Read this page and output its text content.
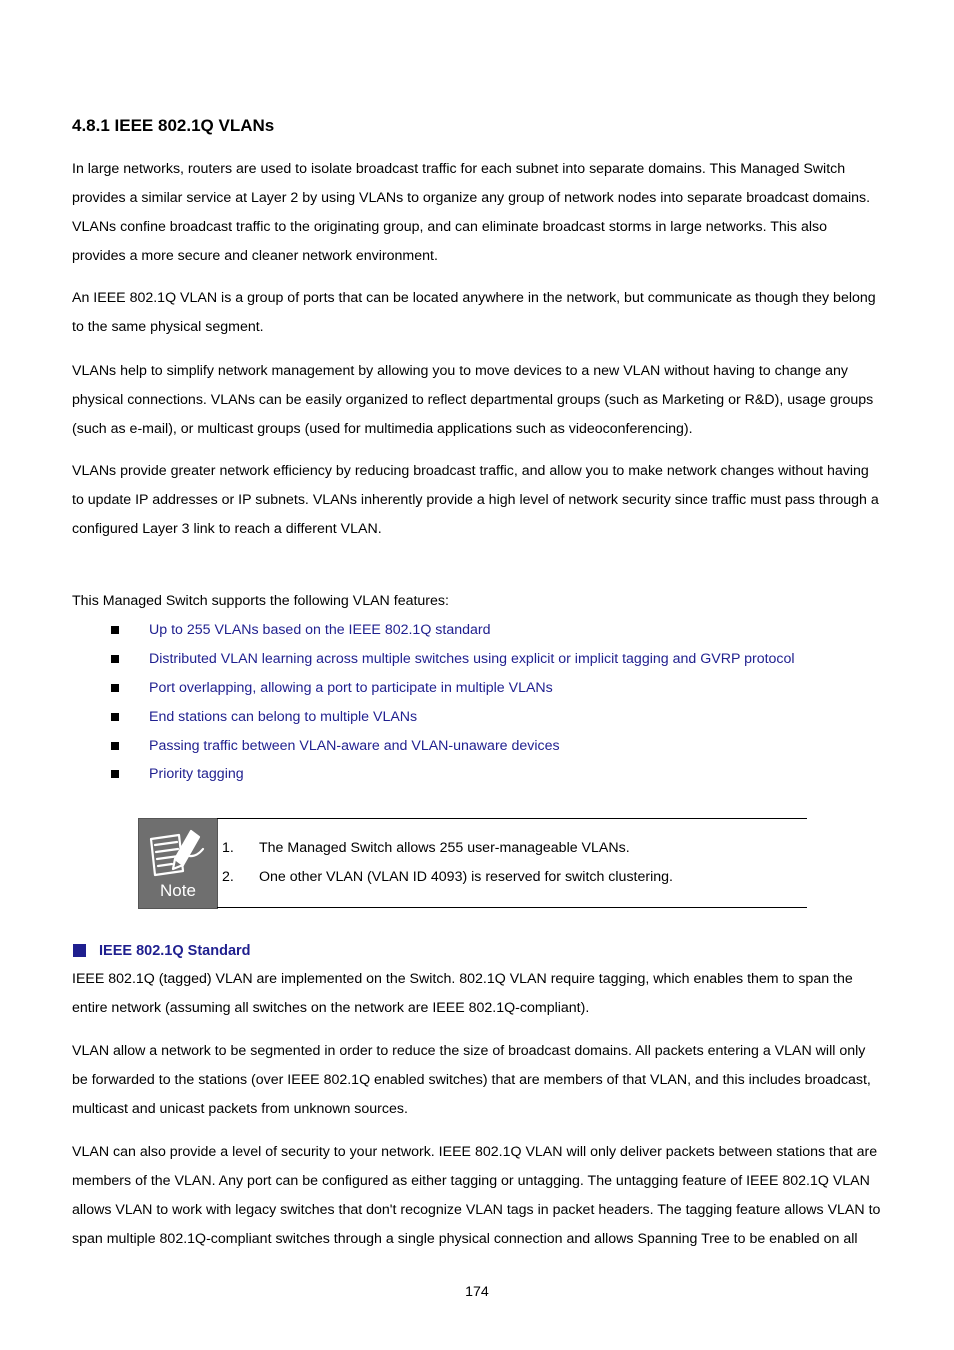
4.8.1 IEEE 802.1Q VLANs

In large networks, routers are used to isolate broadcast traffic for each subnet into separate domains. This Managed Switch provides a similar service at Layer 2 by using VLANs to organize any group of network nodes into separate broadcast domains. VLANs confine broadcast traffic to the originating group, and can eliminate broadcast storms in large networks. This also provides a more secure and cleaner network environment.

An IEEE 802.1Q VLAN is a group of ports that can be located anywhere in the network, but communicate as though they belong to the same physical segment.

VLANs help to simplify network management by allowing you to move devices to a new VLAN without having to change any physical connections. VLANs can be easily organized to reflect departmental groups (such as Marketing or R&D), usage groups (such as e-mail), or multicast groups (used for multimedia applications such as videoconferencing).

VLANs provide greater network efficiency by reducing broadcast traffic, and allow you to make network changes without having to update IP addresses or IP subnets. VLANs inherently provide a high level of network security since traffic must pass through a configured Layer 3 link to reach a different VLAN.

This Managed Switch supports the following VLAN features:

Up to 255 VLANs based on the IEEE 802.1Q standard
Distributed VLAN learning across multiple switches using explicit or implicit tagging and GVRP protocol
Port overlapping, allowing a port to participate in multiple VLANs
End stations can belong to multiple VLANs
Passing traffic between VLAN-aware and VLAN-unaware devices
Priority tagging
Note
1. The Managed Switch allows 255 user-manageable VLANs.
2. One other VLAN (VLAN ID 4093) is reserved for switch clustering.
IEEE 802.1Q Standard

IEEE 802.1Q (tagged) VLAN are implemented on the Switch. 802.1Q VLAN require tagging, which enables them to span the entire network (assuming all switches on the network are IEEE 802.1Q-compliant).

VLAN allow a network to be segmented in order to reduce the size of broadcast domains. All packets entering a VLAN will only be forwarded to the stations (over IEEE 802.1Q enabled switches) that are members of that VLAN, and this includes broadcast, multicast and unicast packets from unknown sources.

VLAN can also provide a level of security to your network. IEEE 802.1Q VLAN will only deliver packets between stations that are members of the VLAN. Any port can be configured as either tagging or untagging. The untagging feature of IEEE 802.1Q VLAN allows VLAN to work with legacy switches that don't recognize VLAN tags in packet headers. The tagging feature allows VLAN to span multiple 802.1Q-compliant switches through a single physical connection and allows Spanning Tree to be enabled on all

174
